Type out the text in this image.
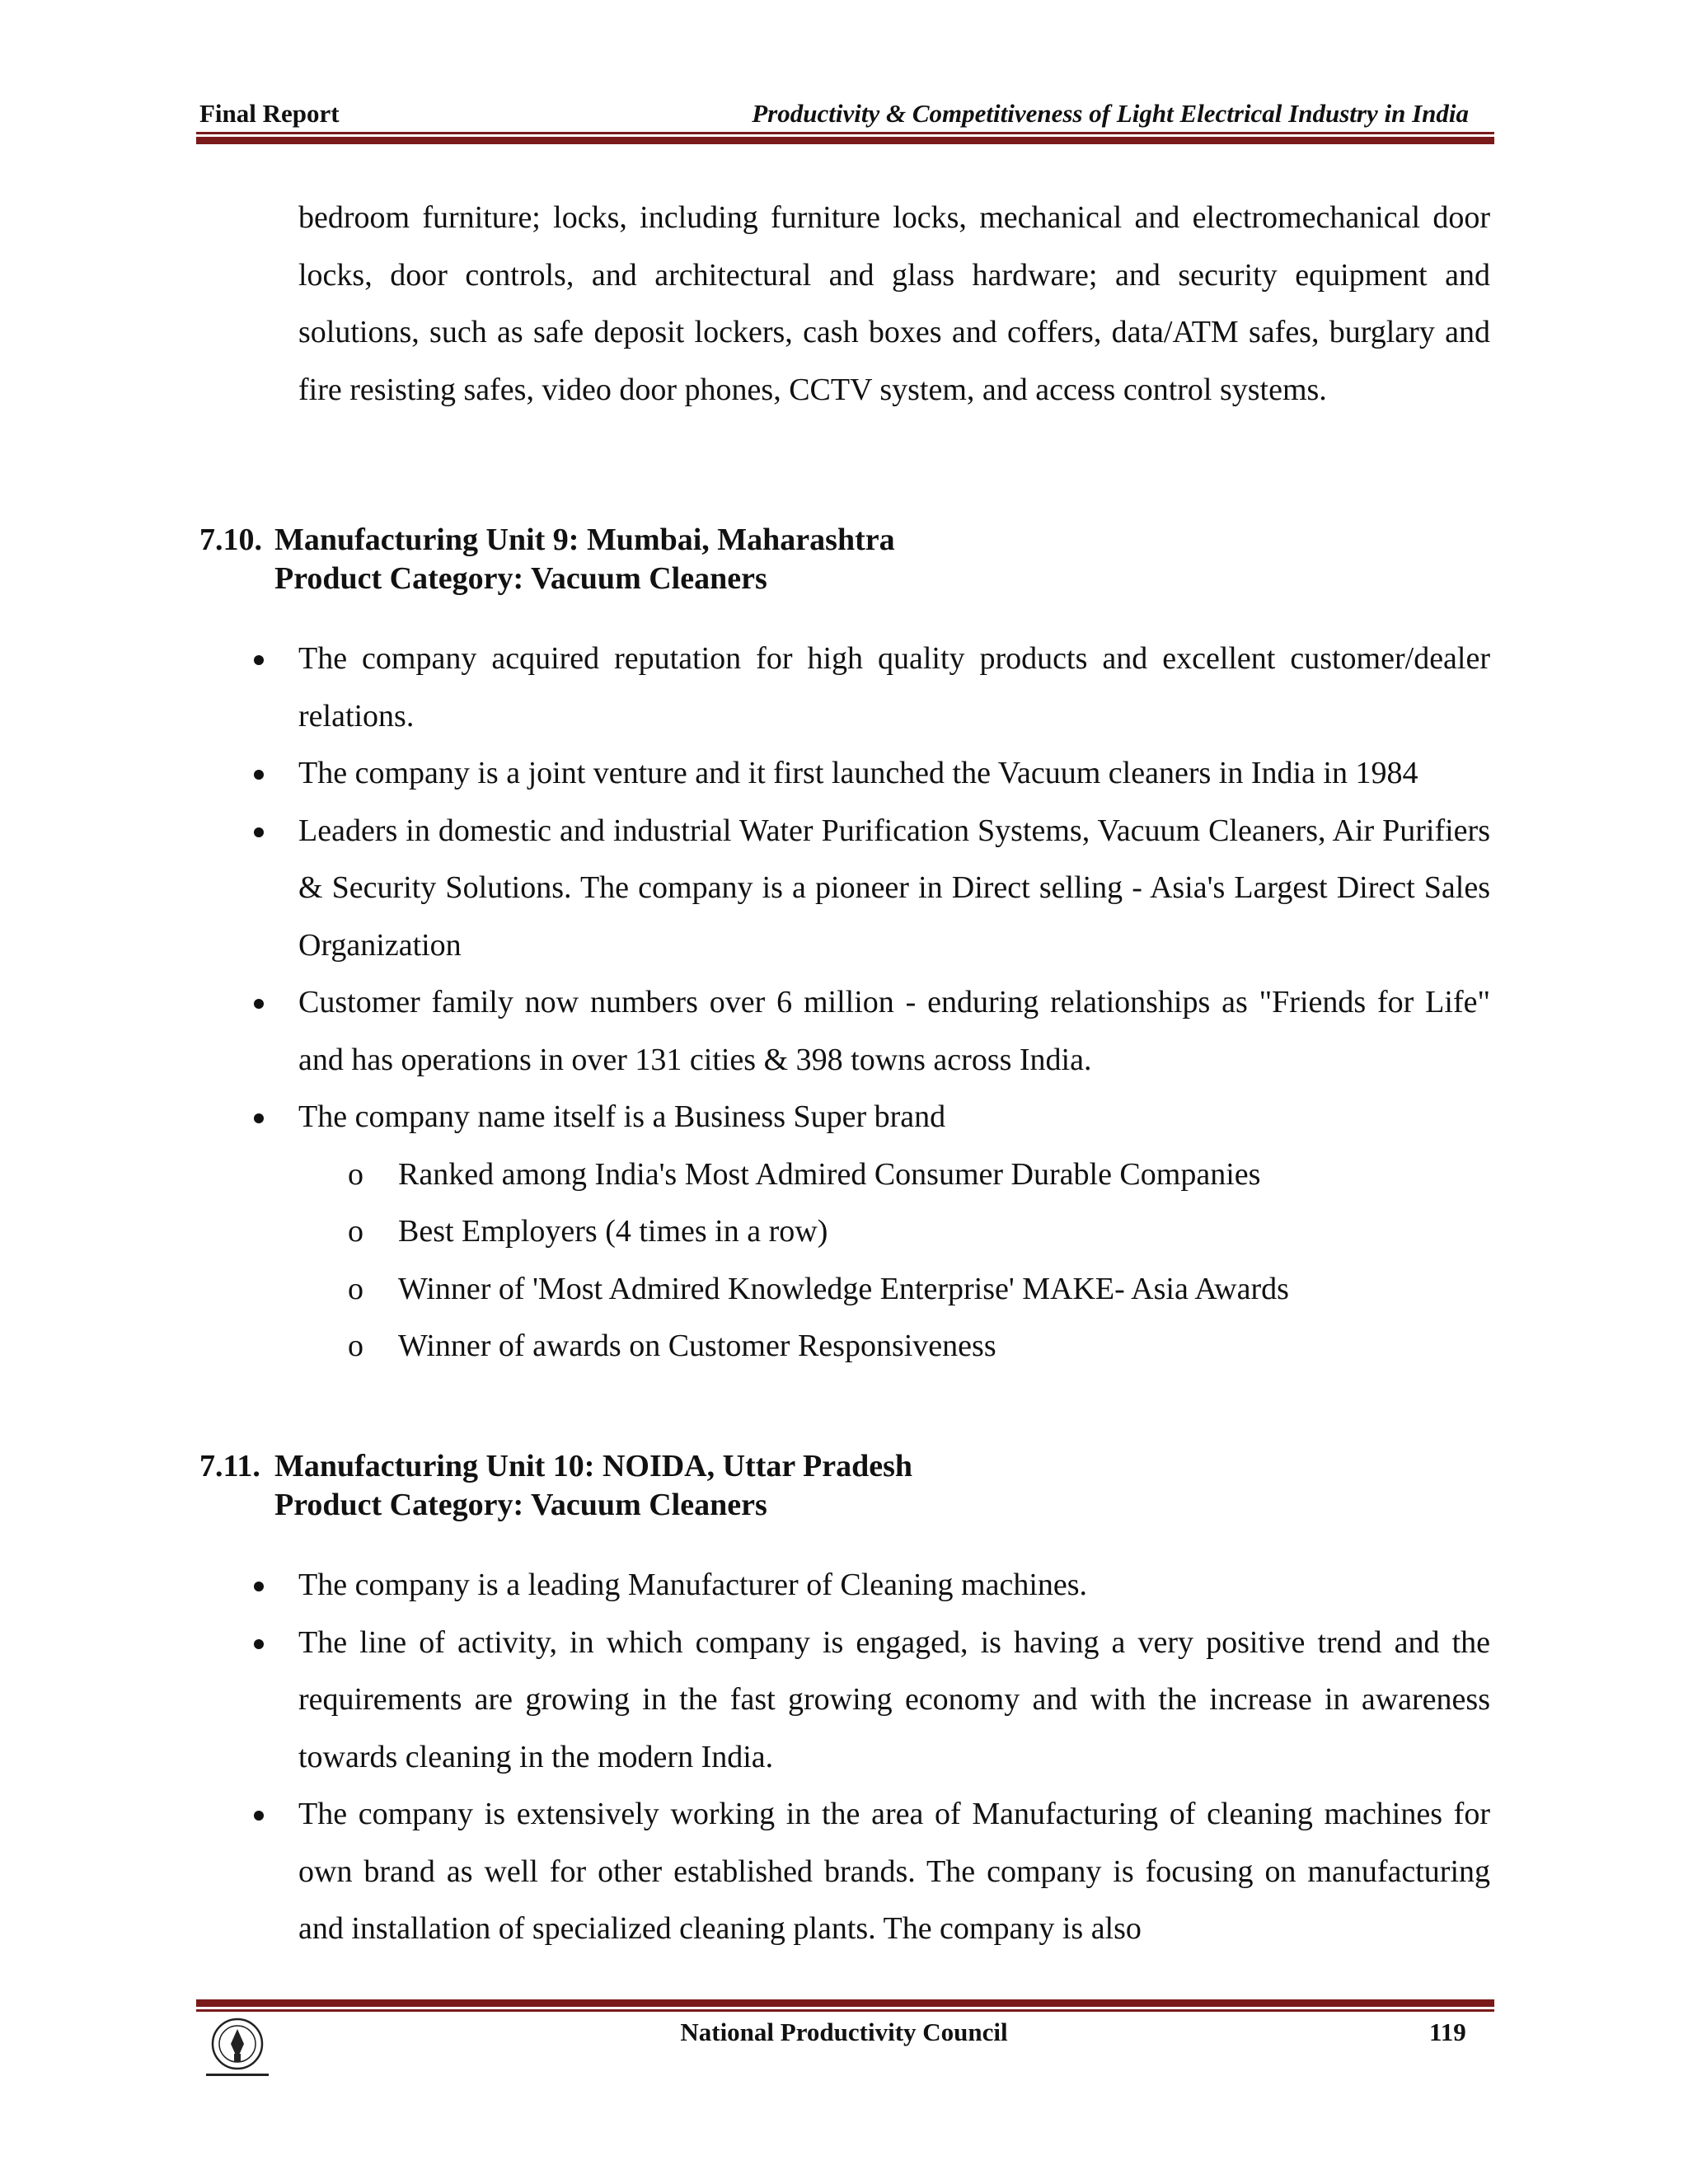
Final Report	Productivity & Competitiveness of Light Electrical Industry in India
bedroom furniture; locks, including furniture locks, mechanical and electromechanical door locks, door controls, and architectural and glass hardware; and security equipment and solutions, such as safe deposit lockers, cash boxes and coffers, data/ATM safes, burglary and fire resisting safes, video door phones, CCTV system, and access control systems.
7.10. Manufacturing Unit 9: Mumbai, Maharashtra
Product Category: Vacuum Cleaners
The company acquired reputation for high quality products and excellent customer/dealer relations.
The company is a joint venture and it first launched the Vacuum cleaners in India in 1984
Leaders in domestic and industrial Water Purification Systems, Vacuum Cleaners, Air Purifiers & Security Solutions. The company is a pioneer in Direct selling - Asia's Largest Direct Sales Organization
Customer family now numbers over 6 million - enduring relationships as "Friends for Life" and has operations in over 131 cities & 398 towns across India.
The company name itself is a Business Super brand
o Ranked among India's Most Admired Consumer Durable Companies
o Best Employers (4 times in a row)
o Winner of 'Most Admired Knowledge Enterprise' MAKE- Asia Awards
o Winner of awards on Customer Responsiveness
7.11. Manufacturing Unit 10: NOIDA, Uttar Pradesh
Product Category: Vacuum Cleaners
The company is a leading Manufacturer of Cleaning machines.
The line of activity, in which company is engaged, is having a very positive trend and the requirements are growing in the fast growing economy and with the increase in awareness towards cleaning in the modern India.
The company is extensively working in the area of Manufacturing of cleaning machines for own brand as well for other established brands. The company is focusing on manufacturing and installation of specialized cleaning plants. The company is also
National Productivity Council	119
